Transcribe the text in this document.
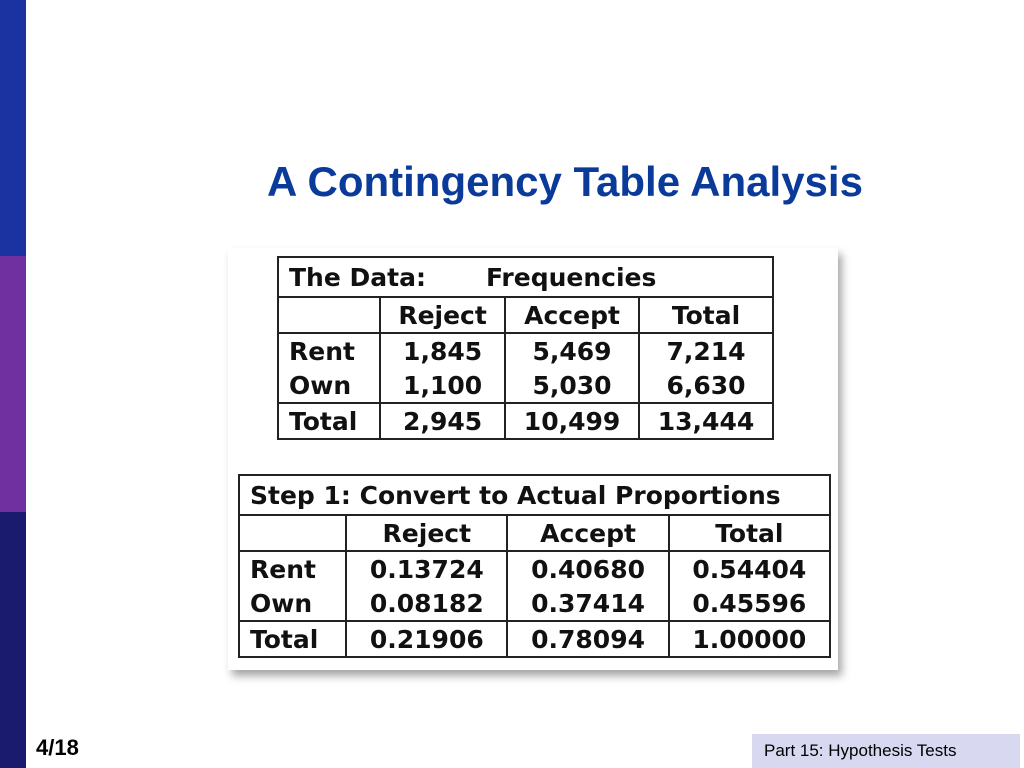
A Contingency Table Analysis
The Data: Frequencies			
	Reject	Accept	Total
Rent	1,845	5,469	7,214
Own	1,100	5,030	6,630
Total	2,945	10,499	13,444
Step 1: Convert to Actual Proportions			
	Reject	Accept	Total
Rent	0.13724	0.40680	0.54404
Own	0.08182	0.37414	0.45596
Total	0.21906	0.78094	1.00000
4/18	Part 15: Hypothesis Tests
